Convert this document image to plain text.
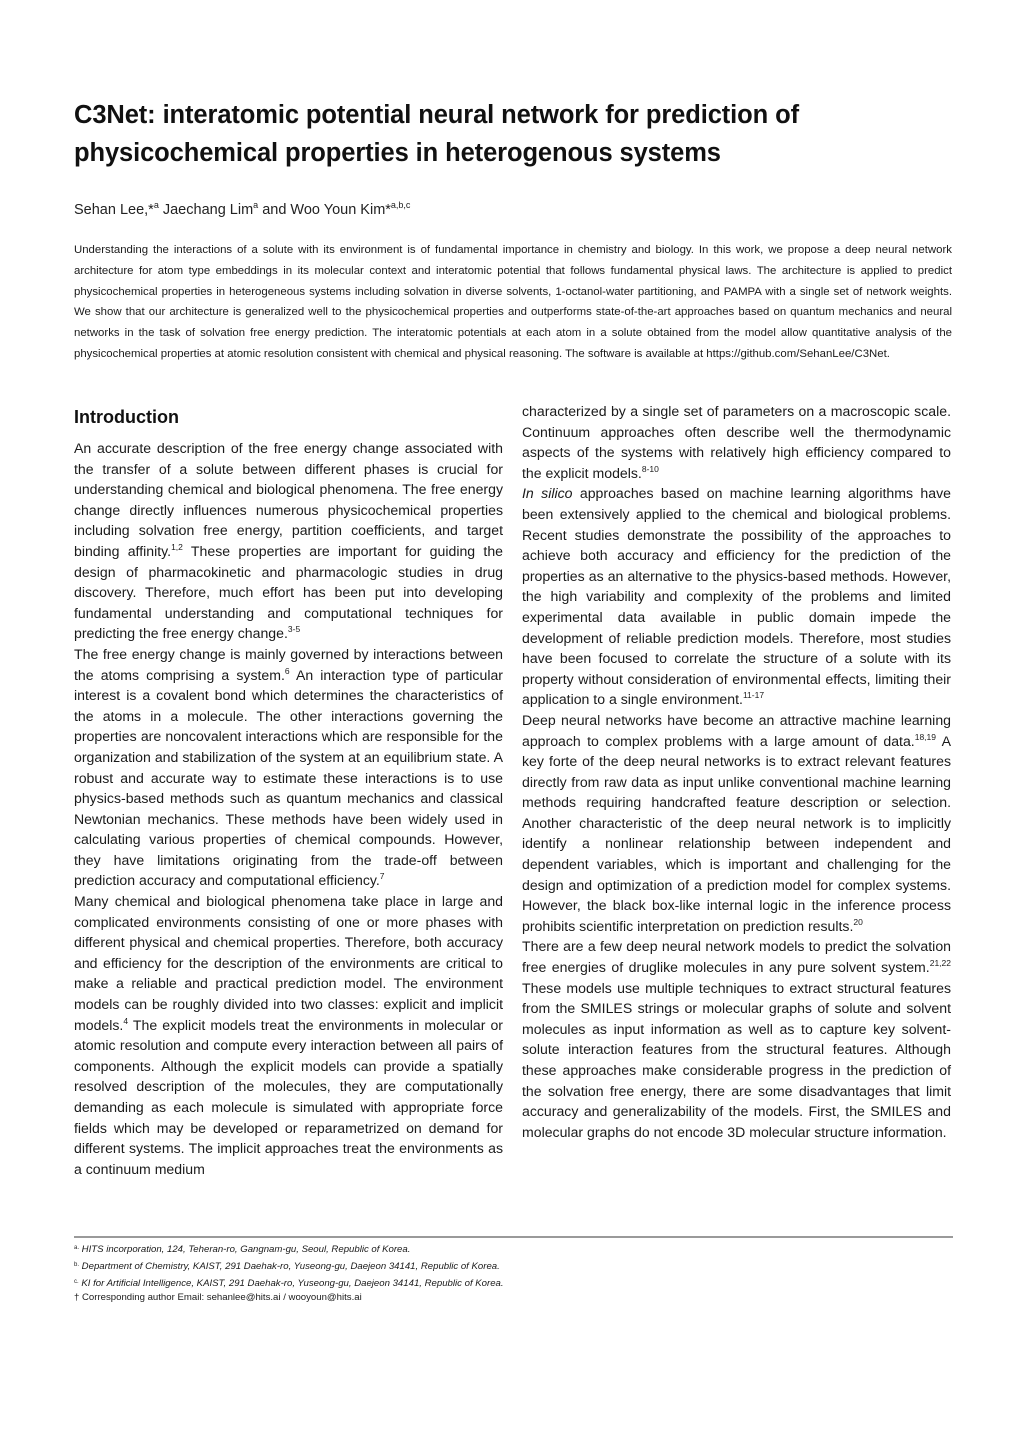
C3Net: interatomic potential neural network for prediction of physicochemical properties in heterogenous systems
Sehan Lee,*$^a$ Jaechang Lim$^a$ and Woo Youn Kim*$^{a,b,c}$
Understanding the interactions of a solute with its environment is of fundamental importance in chemistry and biology. In this work, we propose a deep neural network architecture for atom type embeddings in its molecular context and interatomic potential that follows fundamental physical laws. The architecture is applied to predict physicochemical properties in heterogeneous systems including solvation in diverse solvents, 1-octanol-water partitioning, and PAMPA with a single set of network weights. We show that our architecture is generalized well to the physicochemical properties and outperforms state-of-the-art approaches based on quantum mechanics and neural networks in the task of solvation free energy prediction. The interatomic potentials at each atom in a solute obtained from the model allow quantitative analysis of the physicochemical properties at atomic resolution consistent with chemical and physical reasoning. The software is available at https://github.com/SehanLee/C3Net.
Introduction

An accurate description of the free energy change associated with the transfer of a solute between different phases is crucial for understanding chemical and biological phenomena. The free energy change directly influences numerous physicochemical properties including solvation free energy, partition coefficients, and target binding affinity.$^{1,2}$ These properties are important for guiding the design of pharmacokinetic and pharmacologic studies in drug discovery. Therefore, much effort has been put into developing fundamental understanding and computational techniques for predicting the free energy change.$^{3-5}$

The free energy change is mainly governed by interactions between the atoms comprising a system.$^6$ An interaction type of particular interest is a covalent bond which determines the characteristics of the atoms in a molecule. The other interactions governing the properties are noncovalent interactions which are responsible for the organization and stabilization of the system at an equilibrium state. A robust and accurate way to estimate these interactions is to use physics-based methods such as quantum mechanics and classical Newtonian mechanics. These methods have been widely used in calculating various properties of chemical compounds. However, they have limitations originating from the trade-off between prediction accuracy and computational efficiency.$^7$

Many chemical and biological phenomena take place in large and complicated environments consisting of one or more phases with different physical and chemical properties. Therefore, both accuracy and efficiency for the description of the environments are critical to make a reliable and practical prediction model. The environment models can be roughly divided into two classes: explicit and implicit models.$^4$ The explicit models treat the environments in molecular or atomic resolution and compute every interaction between all pairs of components. Although the explicit models can provide a spatially resolved description of the molecules, they are computationally demanding as each molecule is simulated with appropriate force fields which may be developed or reparametrized on demand for different systems. The implicit approaches treat the environments as a continuum medium

characterized by a single set of parameters on a macroscopic scale. Continuum approaches often describe well the thermodynamic aspects of the systems with relatively high efficiency compared to the explicit models.$^{8-10}$

In silico approaches based on machine learning algorithms have been extensively applied to the chemical and biological problems. Recent studies demonstrate the possibility of the approaches to achieve both accuracy and efficiency for the prediction of the properties as an alternative to the physics-based methods. However, the high variability and complexity of the problems and limited experimental data available in public domain impede the development of reliable prediction models. Therefore, most studies have been focused to correlate the structure of a solute with its property without consideration of environmental effects, limiting their application to a single environment.$^{11-17}$

Deep neural networks have become an attractive machine learning approach to complex problems with a large amount of data.$^{18,19}$ A key forte of the deep neural networks is to extract relevant features directly from raw data as input unlike conventional machine learning methods requiring handcrafted feature description or selection. Another characteristic of the deep neural network is to implicitly identify a nonlinear relationship between independent and dependent variables, which is important and challenging for the design and optimization of a prediction model for complex systems. However, the black box-like internal logic in the inference process prohibits scientific interpretation on prediction results.$^{20}$

There are a few deep neural network models to predict the solvation free energies of druglike molecules in any pure solvent system.$^{21,22}$ These models use multiple techniques to extract structural features from the SMILES strings or molecular graphs of solute and solvent molecules as input information as well as to capture key solvent-solute interaction features from the structural features. Although these approaches make considerable progress in the prediction of the solvation free energy, there are some disadvantages that limit accuracy and generalizability of the models. First, the SMILES and molecular graphs do not encode 3D molecular structure information.

$^{a.}$ HITS incorporation, 124, Teheran-ro, Gangnam-gu, Seoul, Republic of Korea.
$^{b.}$ Department of Chemistry, KAIST, 291 Daehak-ro, Yuseong-gu, Daejeon 34141, Republic of Korea.
$^{c.}$ KI for Artificial Intelligence, KAIST, 291 Daehak-ro, Yuseong-gu, Daejeon 34141, Republic of Korea.
† Corresponding author Email: sehanlee@hits.ai / wooyoun@hits.ai
